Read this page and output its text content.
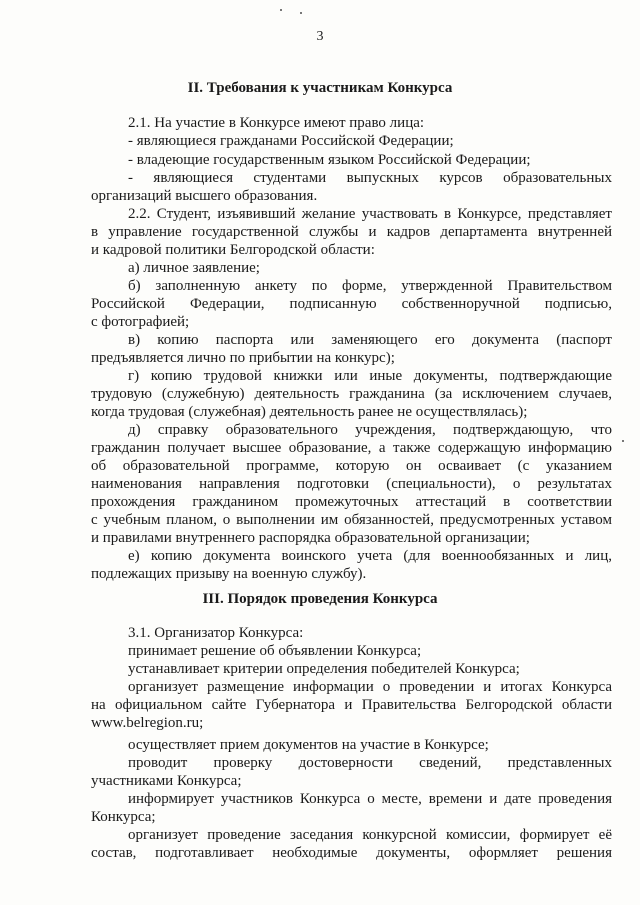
3
II. Требования к участникам Конкурса
2.1. На участие в Конкурсе имеют право лица:
- являющиеся гражданами Российской Федерации;
- владеющие государственным языком Российской Федерации;
- являющиеся студентами выпускных курсов образовательных
организаций высшего образования.
2.2. Студент, изъявивший желание участвовать в Конкурсе, представляет
в управление государственной службы и кадров департамента внутренней
и кадровой политики Белгородской области:
а) личное заявление;
б) заполненную анкету по форме, утвержденной Правительством
Российской Федерации, подписанную собственноручной подписью,
с фотографией;
в) копию паспорта или заменяющего его документа (паспорт
предъявляется лично по прибытии на конкурс);
г) копию трудовой книжки или иные документы, подтверждающие
трудовую (служебную) деятельность гражданина (за исключением случаев,
когда трудовая (служебная) деятельность ранее не осуществлялась);
д) справку образовательного учреждения, подтверждающую, что
гражданин получает высшее образование, а также содержащую информацию
об образовательной программе, которую он осваивает (с указанием
наименования направления подготовки (специальности), о результатах
прохождения гражданином промежуточных аттестаций в соответствии
с учебным планом, о выполнении им обязанностей, предусмотренных уставом
и правилами внутреннего распорядка образовательной организации;
е) копию документа воинского учета (для военнообязанных и лиц,
подлежащих призыву на военную службу).
III. Порядок проведения Конкурса
3.1. Организатор Конкурса:
принимает решение об объявлении Конкурса;
устанавливает критерии определения победителей Конкурса;
организует размещение информации о проведении и итогах Конкурса
на официальном сайте Губернатора и Правительства Белгородской области
www.belregion.ru;
осуществляет прием документов на участие в Конкурсе;
проводит проверку достоверности сведений, представленных
участниками Конкурса;
информирует участников Конкурса о месте, времени и дате проведения
Конкурса;
организует проведение заседания конкурсной комиссии, формирует её
состав, подготавливает необходимые документы, оформляет решения
